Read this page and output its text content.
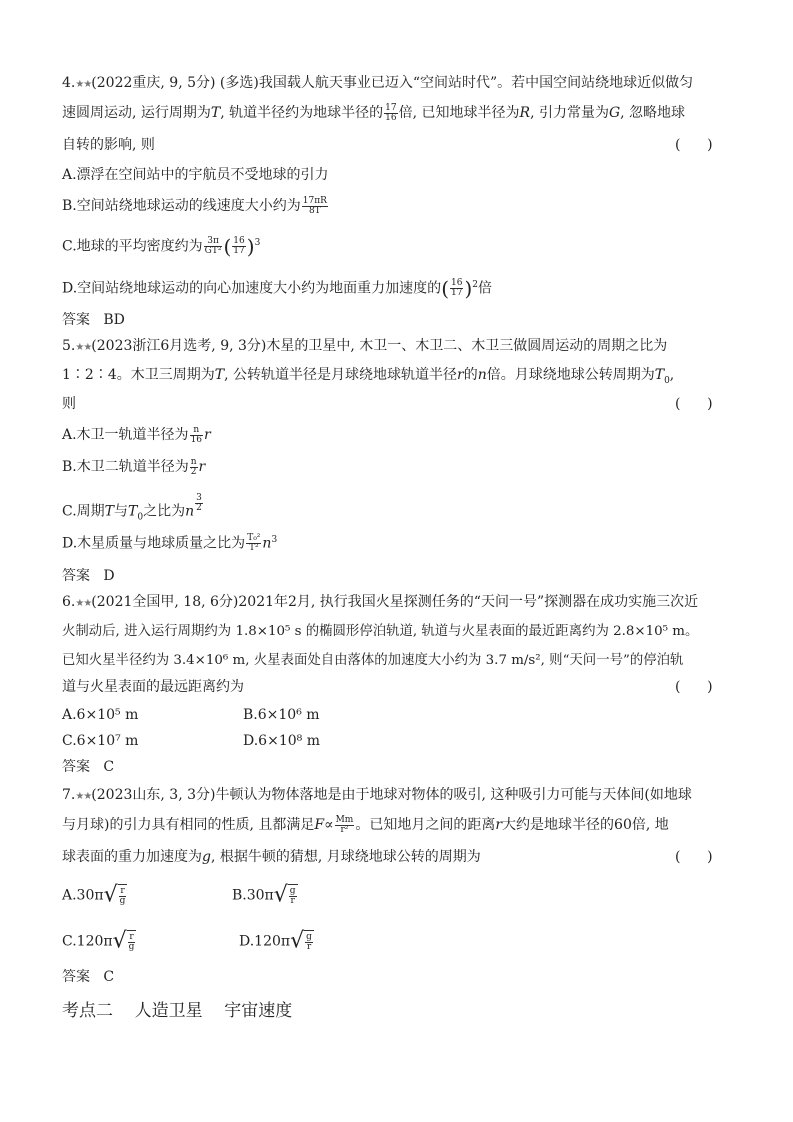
4.★★(2022重庆, 9, 5分) (多选)我国载人航天事业已迈入“空间站时代”。若中国空间站绕地球近似做匀
速圆周运动, 运行周期为T, 轨道半径约为地球半径的 $\frac{17}{16}$ 倍, 已知地球半径为R, 引力常量为G, 忽略地球
自转的影响, 则	(      )
A.漂浮在空间站中的宇航员不受地球的引力
B.空间站绕地球运动的线速度大小约为 $\frac{17\pi R}{8T}$
C.地球的平均密度约为 $\frac{3\pi}{\text{GT²}}$ ( $\frac{16}{17} )^3$
D.空间站绕地球运动的向心加速度大小约为地面重力加速度的( $\frac{16}{17} )^2$倍
答案 BD
5.★★(2023浙江6月选考, 9, 3分)木星的卫星中, 木卫一、木卫二、木卫三做圆周运动的周期之比为
1∶2∶4。木卫三周期为T, 公转轨道半径是月球绕地球轨道半径r的n倍。月球绕地球公转周期为$T_0$,
则	(      )
A.木卫一轨道半径为 $\frac{n}{16}$ r
B.木卫二轨道半径为 $\frac{n}{2}$ r
C.周期T与$T_0$之比为n $^{\frac{3}{2}}$
D.木星质量与地球质量之比为 $\frac{\text{T₀²}}{\text{T²}} n^3$
答案 D
6.★★(2021全国甲, 18, 6分)2021年2月, 执行我国火星探测任务的“天问一号”探测器在成功实施三次近
火制动后, 进入运行周期约为 1.8×10⁵ s 的椭圆形停泊轨道, 轨道与火星表面的最近距离约为 2.8×10⁵ m。
已知火星半径约为 3.4×10⁶ m, 火星表面处自由落体的加速度大小约为 3.7 m/s², 则“天问一号”的停泊轨
道与火星表面的最远距离约为	(      )
A.6×10⁵ m	B.6×10⁶ m
C.6×10⁷ m	D.6×10⁸ m
答案 C
7.★★(2023山东, 3, 3分)牛顿认为物体落地是由于地球对物体的吸引, 这种吸引力可能与天体间(如地球
与月球)的引力具有相同的性质, 且都满足$F\propto \frac{Mm}{\text{r²}}$ 。已知地月之间的距离r大约是地球半径的60倍, 地
球表面的重力加速度为g, 根据牛顿的猜想, 月球绕地球公转的周期为	(      )
$A.30\pi√ \frac{r}{g}$	$B.30\pi√ \frac{g}{r}$
$C.120\pi√ \frac{r}{g}$	$D.120\pi√ \frac{g}{r}$
答案 C
考点二    人造卫星    宇宙速度
